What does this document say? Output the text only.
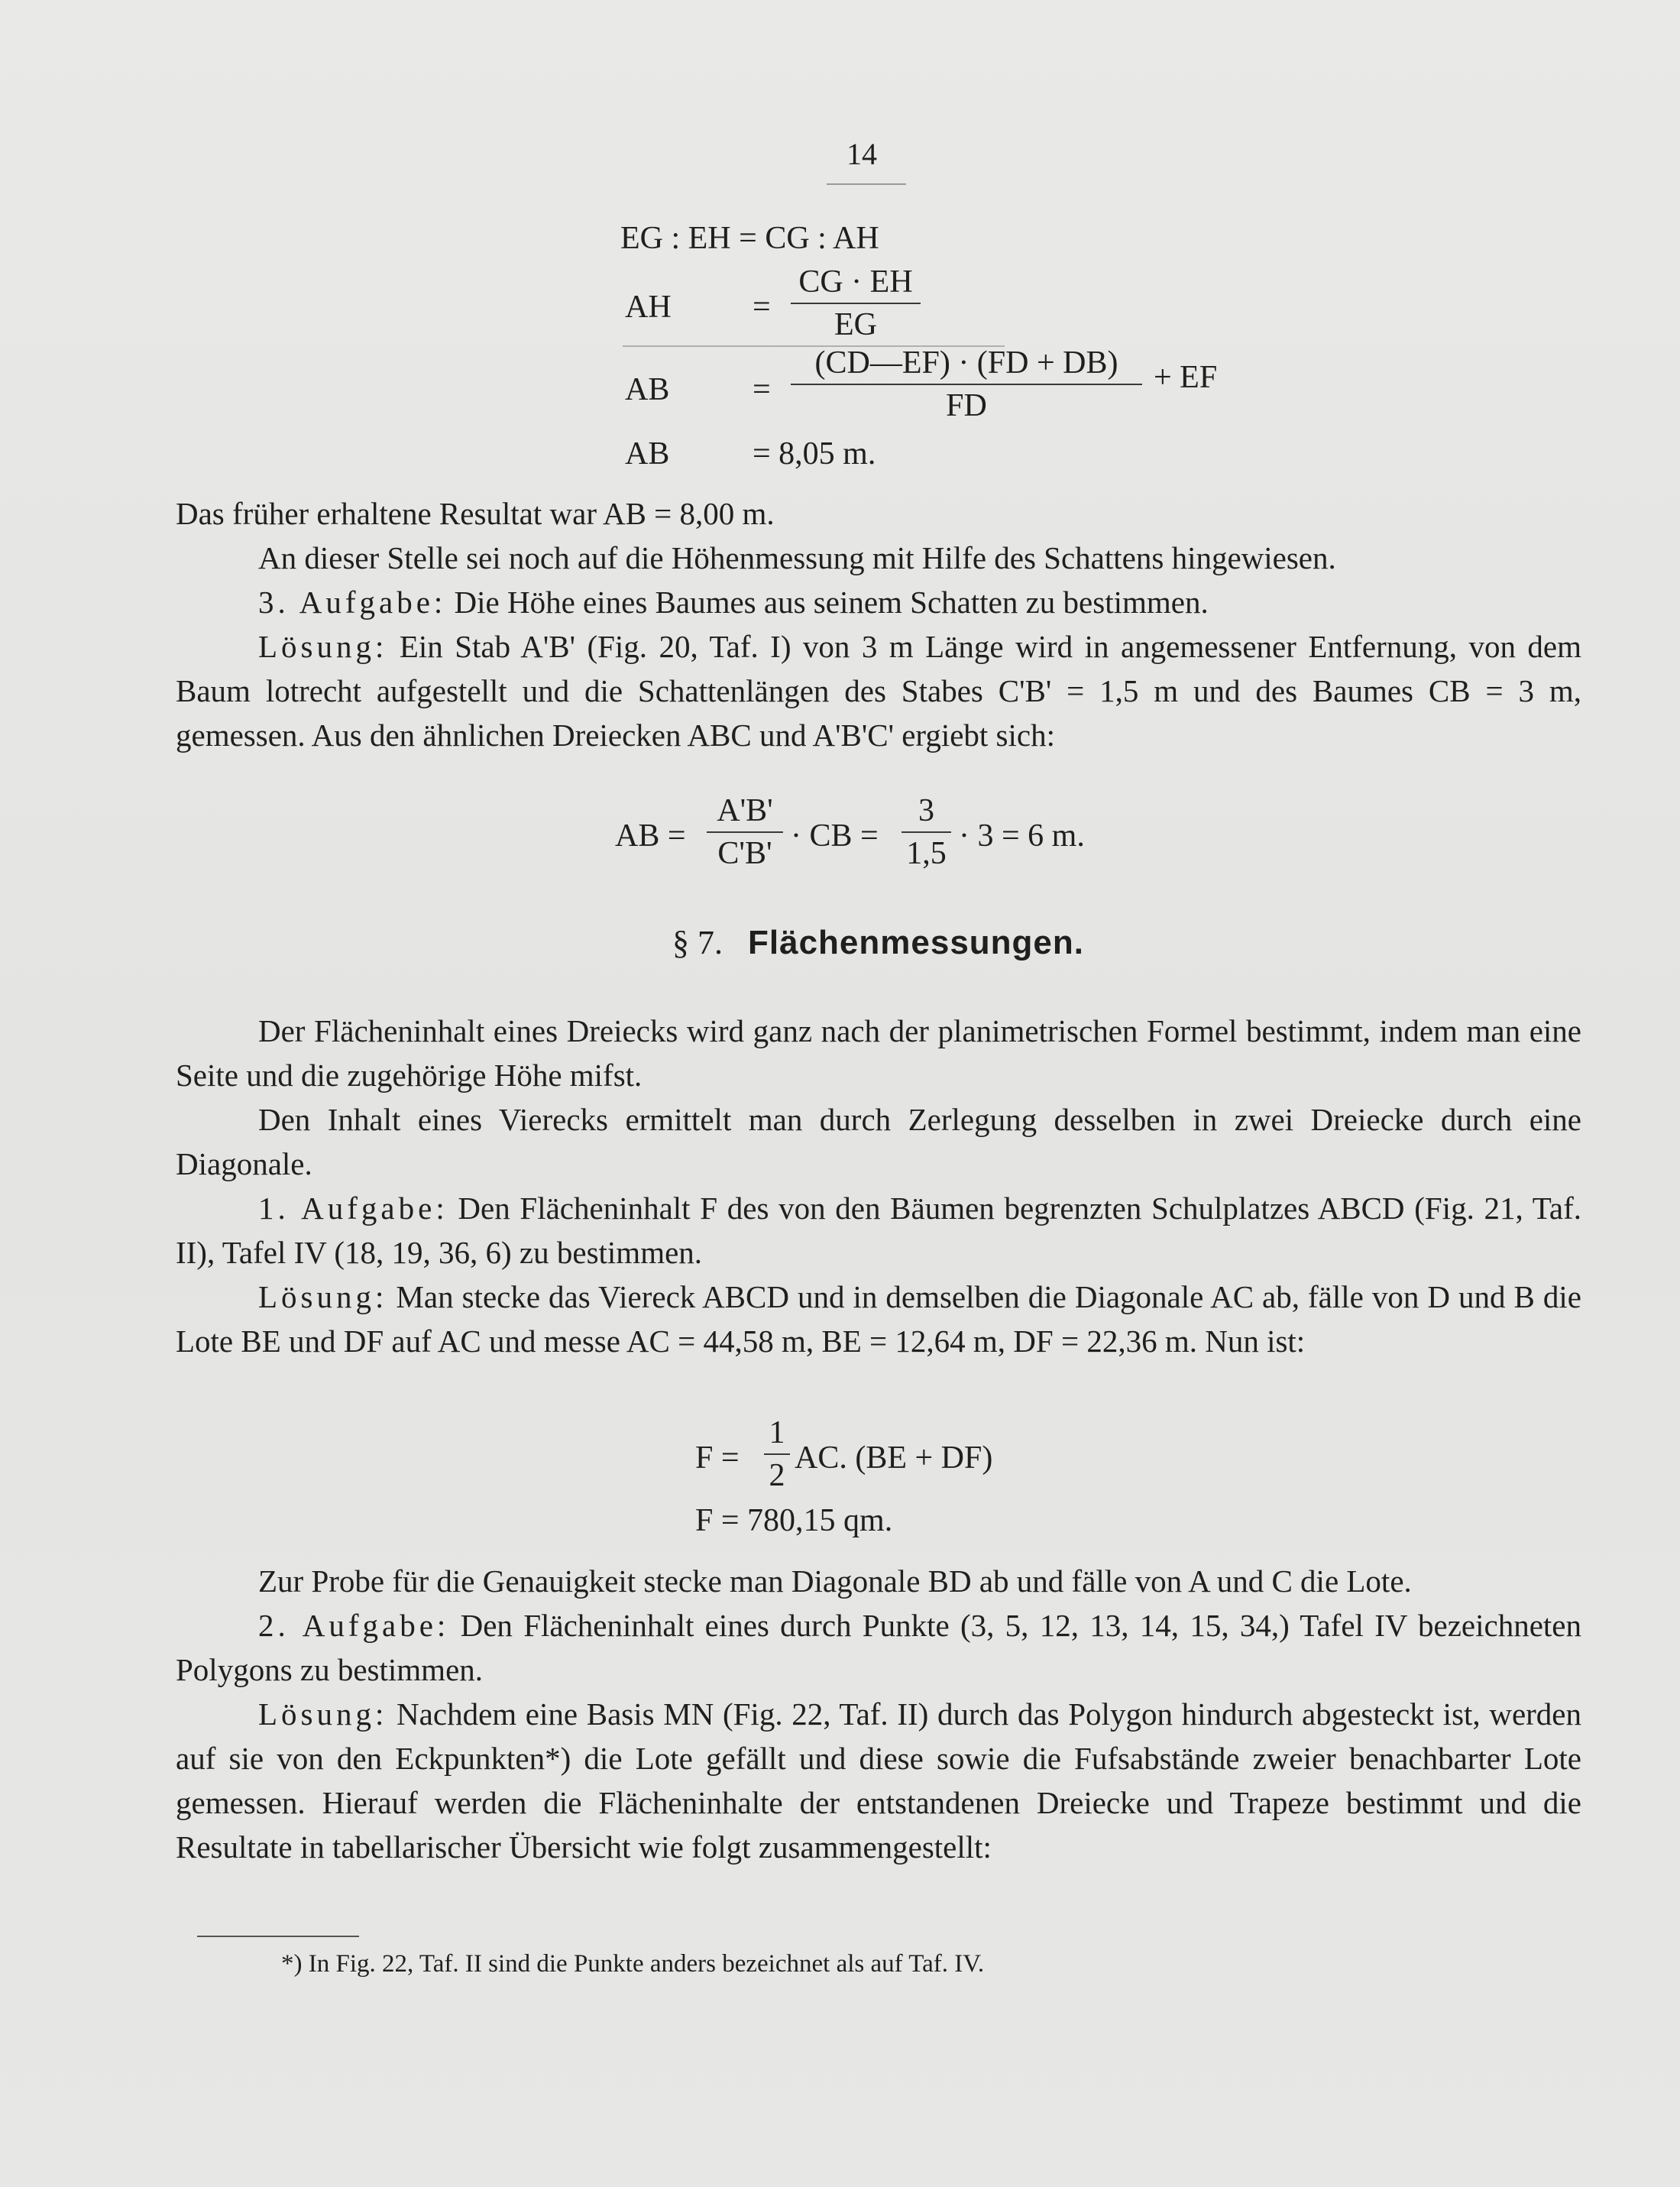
14
EG : EH = CG : AH
AH	=
CG · EH
EG
AB	=
(CD—EF) · (FD + DB)
FD
+ EF
AB	= 8,05 m.
Das früher erhaltene Resultat war AB = 8,00 m.
An dieser Stelle sei noch auf die Höhenmessung mit Hilfe des Schattens hingewiesen.
3. Aufgabe: Die Höhe eines Baumes aus seinem Schatten zu bestimmen.
Lösung: Ein Stab A'B' (Fig. 20, Taf. I) von 3 m Länge wird in angemessener Entfernung, von dem Baum lotrecht aufgestellt und die Schattenlängen des Stabes C'B' = 1,5 m und des Baumes CB = 3 m, gemessen. Aus den ähnlichen Dreiecken ABC und A'B'C' ergiebt sich:
AB =
A'B'
C'B' · CB =
3
1,5 · 3 = 6 m.
§ 7. Flächenmessungen.
Der Flächeninhalt eines Dreiecks wird ganz nach der planimetrischen Formel bestimmt, indem man eine Seite und die zugehörige Höhe mifst.
Den Inhalt eines Vierecks ermittelt man durch Zerlegung desselben in zwei Dreiecke durch eine Diagonale.
1. Aufgabe: Den Flächeninhalt F des von den Bäumen begrenzten Schulplatzes ABCD (Fig. 21, Taf. II), Tafel IV (18, 19, 36, 6) zu bestimmen.
Lösung: Man stecke das Viereck ABCD und in demselben die Diagonale AC ab, fälle von D und B die Lote BE und DF auf AC und messe AC = 44,58 m, BE = 12,64 m, DF = 22,36 m. Nun ist:
F =
1
2 AC. (BE + DF)
F = 780,15 qm.
Zur Probe für die Genauigkeit stecke man Diagonale BD ab und fälle von A und C die Lote.
2. Aufgabe: Den Flächeninhalt eines durch Punkte (3, 5, 12, 13, 14, 15, 34,) Tafel IV bezeichneten Polygons zu bestimmen.
Lösung: Nachdem eine Basis MN (Fig. 22, Taf. II) durch das Polygon hindurch abgesteckt ist, werden auf sie von den Eckpunkten*) die Lote gefällt und diese sowie die Fufsabstände zweier benachbarter Lote gemessen. Hierauf werden die Flächeninhalte der entstandenen Dreiecke und Trapeze bestimmt und die Resultate in tabellarischer Übersicht wie folgt zusammengestellt:
*) In Fig. 22, Taf. II sind die Punkte anders bezeichnet als auf Taf. IV.
